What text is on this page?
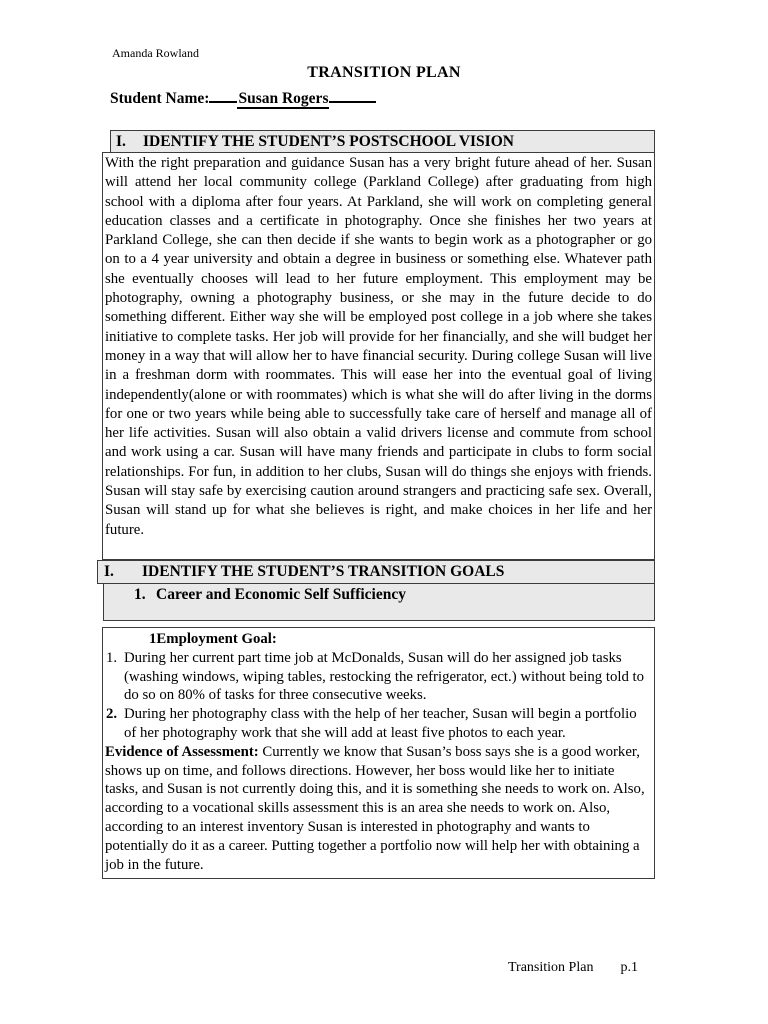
Amanda Rowland
TRANSITION PLAN
Student Name: Susan Rogers
I.	IDENTIFY THE STUDENT’S POSTSCHOOL VISION
With the right preparation and guidance Susan has a very bright future ahead of her. Susan will attend her local community college (Parkland College) after graduating from high school with a diploma after four years. At Parkland, she will work on completing general education classes and a certificate in photography. Once she finishes her two years at Parkland College, she can then decide if she wants to begin work as a photographer or go on to a 4 year university and obtain a degree in business or something else. Whatever path she eventually chooses will lead to her future employment. This employment may be photography, owning a photography business, or she may in the future decide to do something different. Either way she will be employed post college in a job where she takes initiative to complete tasks. Her job will provide for her financially, and she will budget her money in a way that will allow her to have financial security. During college Susan will live in a freshman dorm with roommates. This will ease her into the eventual goal of living independently(alone or with roommates) which is what she will do after living in the dorms for one or two years while being able to successfully take care of herself and manage all of her life activities. Susan will also obtain a valid drivers license and commute from school and work using a car. Susan will have many friends and participate in clubs to form social relationships. For fun, in addition to her clubs, Susan will do things she enjoys with friends. Susan will stay safe by exercising caution around strangers and practicing safe sex. Overall, Susan will stand up for what she believes is right, and make choices in her life and her future.
I.	IDENTIFY THE STUDENT’S TRANSITION GOALS
1. Career and Economic Self Sufficiency
1Employment Goal:
1. During her current part time job at McDonalds, Susan will do her assigned job tasks (washing windows, wiping tables, restocking the refrigerator, ect.) without being told to do so on 80% of tasks for three consecutive weeks.
2. During her photography class with the help of her teacher, Susan will begin a portfolio of her photography work that she will add at least five photos to each year.
Evidence of Assessment: Currently we know that Susan’s boss says she is a good worker, shows up on time, and follows directions. However, her boss would like her to initiate tasks, and Susan is not currently doing this, and it is something she needs to work on. Also, according to a vocational skills assessment this is an area she needs to work on. Also, according to an interest inventory Susan is interested in photography and wants to potentially do it as a career. Putting together a portfolio now will help her with obtaining a job in the future.
Transition Plan p.1
